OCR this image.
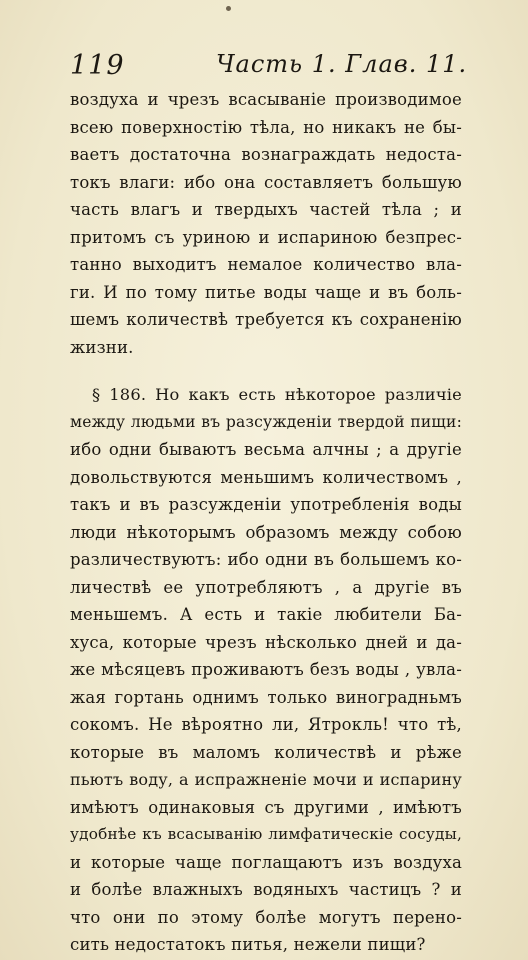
119	Часть 1. Глав. 11.
воздуха и чрезъ всасыванiе производимое
всею поверхностiю тѣла, но никакъ не бы-
ваетъ достаточна вознаграждать недоста-
токъ влаги: ибо она составляетъ большую
часть влагъ и твердыхъ частей тѣла ; и
притомъ съ уриною и испариною безпрес-
танно выходитъ немалое количество вла-
ги. И по тому питье воды чаще и въ боль-
шемъ количествѣ требуется къ сохраненiю
жизни.
§ 186. Но какъ есть нѣкоторое различiе
между людьми въ разсужденiи твердой пищи:
ибо одни бываютъ весьма алчны ; а другiе
довольствуются меньшимъ количествомъ ,
такъ и въ разсужденiи употребленiя воды
люди нѣкоторымъ образомъ между собою
различествуютъ: ибо одни въ большемъ ко-
личествѣ ее употребляютъ , а другiе въ
меньшемъ. А есть и такiе любители Ба-
хуса, которые чрезъ нѣсколько дней и да-
же мѣсяцевъ проживаютъ безъ воды , увла-
жая гортань однимъ только виноградньмъ
сокомъ. Не вѣроятно ли, Ятрокль! что тѣ,
которые въ маломъ количествѣ и рѣже
пьютъ воду, а испражненiе мочи и испарину
имѣютъ одинаковыя съ другими , имѣютъ
удобнѣе къ всасыванiю лимфатическiе сосуды,
и которые чаще поглащаютъ изъ воздуха
и болѣе влажныхъ водяныхъ частицъ ? и
что они по этому болѣе могутъ перено-
сить недостатокъ питья, нежели пищи?
